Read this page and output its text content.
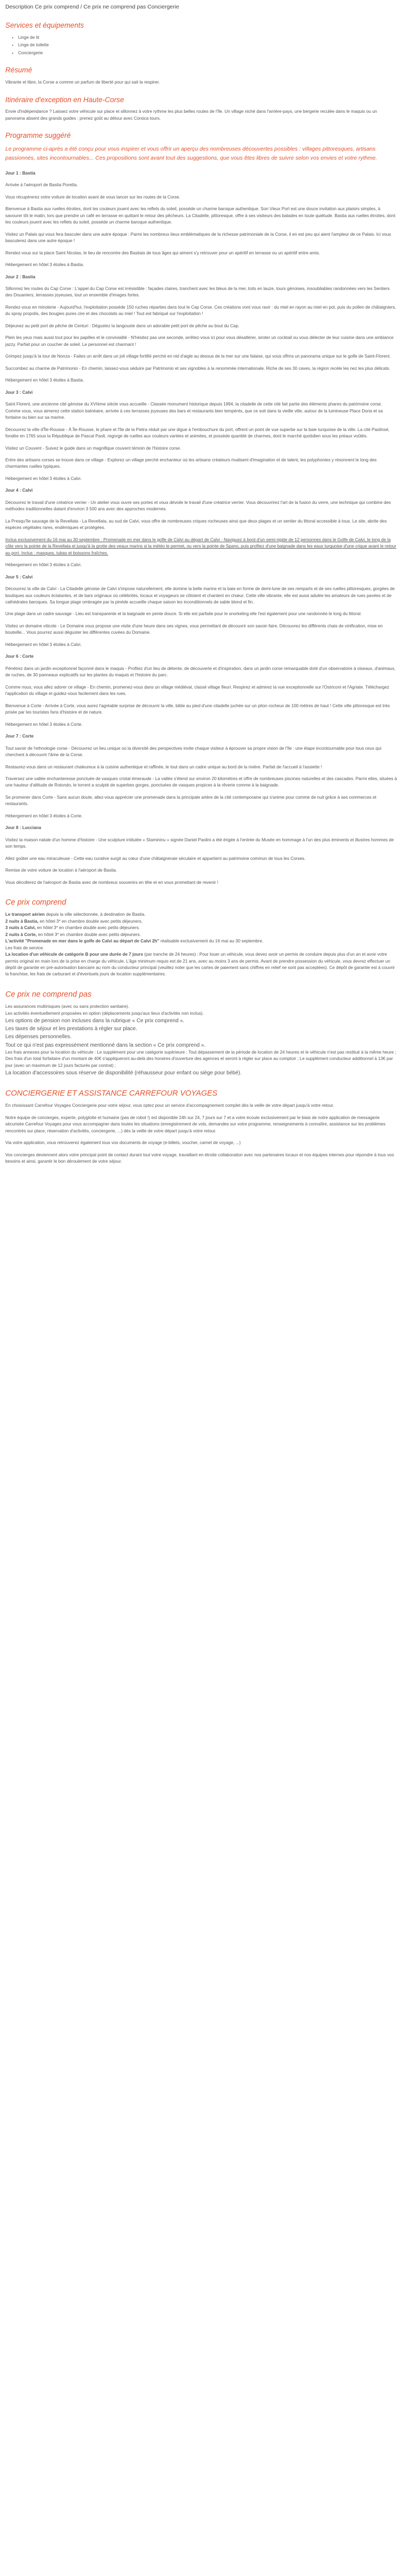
Description Ce prix comprend / Ce prix ne comprend pas Conciergerie

Services et équipements
• Linge de lit
• Linge de toilette
• Conciergerie
Résumé

Vibrante et libre, la Corse a comme un parfum de liberté pour qui sait la respirer.

Itinéraire d'exception en Haute-Corse

Envie d'indépendance ? Laissez votre véhicule sur place et sillonnez à votre rythme les plus belles routes de l'île. Un village niché dans l'arrière-pays, une bergerie reculée dans le maquis ou un panorama absent des grands guides : prenez goût au détour avec Corsica tours.

Programme suggéré

Le programme ci-après a été conçu pour vous inspirer et vous offrir un aperçu des nombreuses découvertes possibles : villages pittoresques, artisans passionnés, sites incontournables... Ces propositions sont avant tout des suggestions, que vous êtes libres de suivre selon vos envies et votre rythme.

Jour 1 : Bastia

Arrivée à l'aéroport de Bastia Poretta.

Vous récupérerez votre voiture de location avant de vous lancer sur les routes de la Corse.

Bienvenue à Bastia aux ruelles étroites, dont les couleurs jouent avec les reflets du soleil, posséde un charme baroque authentique. Son Vieux Port est une douce invitation aux plaisirs simples, à savourer tôt le matin, lors que prendre un café en terrasse en quittant le retour des pêcheurs. La Citadelle, pittoresque, offre à ses visiteurs des balades en toute quiétude. Bastia aux ruelles étroites, dont les couleurs jouent avec les reflets du soleil, posséde un charme baroque authentique.

Visitez un Palais qui vous fera basculer dans une autre époque : Parmi les nombreux lieux emblématiques de la richesse patrimoniale de la Corse, il en est peu qui aient l'ampleur de ce Palais. Ici vous basculerez dans une autre époque !

Rendez-vous sur la place Saint Nicolas, le lieu de rencontre des Bastiais de tous âges qui aiment s'y retrouver pour un apéritif en terrasse ou un apéritif entre amis.

Hébergement en hôtel 3 étoiles à Bastia.

Jour 2 : Bastia

Sillonnez les routes du Cap Corse : L'appel du Cap Corse est irrésistible : façades claires, tranchent avec les bleus de la mer, toits en lauze, tours génoises, insoubliables randonnées vers les Sentiers des Douaniers, terrasses joyeuses, tout un ensemble d'images fortes.

Rendez-vous en minoterie - Aujourd'hui, l'exploitation possède 150 ruches réparties dans tout le Cap Corse. Ces créations vont vous ravir : du miel en rayon au miel en pot, puis du pollen de châtaigniers, du spray propolis, des bougies pures cire et des chocolats au miel ! Tout est fabriqué sur l'exploitation !

Déjeunez au petit port de pêche de Centuri : Dégustez la langouste dans un adorable petit port de pêche au bout du Cap.

Plein les yeux mais aussi tout pour les papilles et le convivialité - N'hésitez pas une seconde, arrêtez-vous ici pour vous désaltérer, siroter un cocktail ou vous délecter de leur cuisine dans une ambiance jazzy. Parfait pour un coucher de soleil. Le personnel est charmant !

Grimpez jusqu'à la tour de Nonza - Faites un arrêt dans un joli village fortifié perché en nid d'aigle au dessus de la mer sur une falaise, qui vous offrira un panorama unique sur le golfe de Saint-Florent.

Succombez au charme de Patrimonio - En chemin, laissez-vous séduire par Patrimonio et ses vignobles à la renommée internationale. Riche de ses 30 caves, la région recèle les nez les plus délicats.

Hébergement en hôtel 3 étoiles à Bastia.

Jour 3 : Calvi

Saint Florent, une ancienne cité génoise du XVIème siècle vous accueille - Classée monument historique depuis 1994, la citadelle de cette cité fait partie des éléments phares du patrimoine corse. Comme vous, vous aimerez cette station balnéaire, arrivée à ces terrasses joyeuses des bars et restaurants bien tempérés, que ce soit dans la vieille ville, autour de la lumineuse Place Doria et sa fontaine ou bien sur sa marine.

Découvrez la ville d'Île-Rousse - À Île-Rousse, le phare et l'île de la Pietra réduit par une digue à l'embouchure du port, offrent un point de vue superbe sur la baie turquoise de la ville. La cité Paolinsé, fondée en 1765 sous la République de Pascal Paoli, regorge de ruelles aux couleurs variées et animées, et possède quantité de charmes, dont le marché quotidien sous les préaux voûtés.

Visitez un Couvent - Suivez le guide dans un magnifique couvent témoin de l'histoire corse.

Entre des artisans corses se trouve dans ce village - Explorez un village perché enchanteur où les artisans créateurs rivalisent d'imagination et de talent, les polyphonies y résonnent le long des charmantes ruelles typiques.

Hébergement en hôtel 3 étoiles à Calvi.

Jour 4 : Calvi

Découvrez le travail d'une créatrice verrier - Un atelier vous ouvre ses portes et vous dévoile le travail d'une créatrice verrier. Vous découvrirez l'art de la fusion du verre, une technique qui combine des méthodes traditionnelles datant d'environ 3 500 ans avec des approches modernes.

La Presqu'île sauvage de la Revellata - La Revellata, au sud de Calvi, vous offre de nombreuses criques rocheuses ainsi que deux plages et un sentier du littoral accessible à tous. Le site, abrite des espèces végétales rares, endémiques et protégées.

Inclus exclusivement du 16 mai au 30 septembre : Promenade en mer dans le golfe de Calvi au départ de Calvi - Naviguez à bord d'un semi-rigide de 12 personnes dans le Golfe de Calvi, le long de la côte vers la pointe de la Revellata et jusqu'à la grotte des veaux marins si la météo le permet, ou vers la pointe de Spano, puis profitez d'une baignade dans les eaux turquoise d'une crique avant le retour au port. Inclus : masques, tubas et boissons fraîches.

Hébergement en hôtel 3 étoiles à Calvi.

Jour 5 : Calvi

Découvrez la ville de Calvi - La Citadelle génoise de Calvi s'impose naturellement, elle domine la belle marine et la baie en forme de demi-lune de ses remparts et de ses ruelles pittoresques, gorgées de boutiques aux couleurs éclatantes, et de bars originaux où célébrités, locaux et voyageurs se côtoient et chantent en chœur. Cette ville vibrante, elle est aussi adulée les amateurs de rues pavées et de cathédrales baroques. Sa longue plage ombragée par la pinède accueille chaque saison les inconditionnels de sable blond et fin.

Une plage dans un cadre sauvage - Lieu est transparente et la baignade en pente douce. Si elle est parfaite pour le snorkeling elle l'est également pour une randonnée le long du littoral.

Visitez un domaine viticole - Le Domaine vous propose une visite d'une heure dans ses vignes, vous permettant de découvrir son savoir-faire. Découvrez les différents chais de vinification, mise en bouteille... Vous pourrez aussi déguster les différentes cuvées du Domaine.

Hébergement en hôtel 3 étoiles à Calvi.

Jour 6 : Corte

Pénétrez dans un jardin exceptionnel façonné dans le maquis - Profitez d'un lieu de détente, de découverte et d'inspiration, dans un jardin corse remarquable doté d'un observatoire à oiseaux, d'animaux, de ruches, de 30 panneaux explicatifs sur les plantes du maquis et l'histoire du parc.

Comme nous, vous allez adorer ce village - En chemin, promenez-vous dans un village médiéval, classé village fleuri. Respirez et admirez la vue exceptionnelle sur l'Ostriconi et l'Agriate. Téléchargez l'application du village et guidez-vous facilement dans les rues.

Bienvenue à Corte - Arrivée à Corte, vous aurez l'agréable surprise de découvrir la ville, bâtie au pied d'une citadelle juchée sur un piton rocheux de 100 mètres de haut ! Cette ville pittoresque est très prisée par les touristes fans d'histoire et de nature.

Hébergement en hôtel 3 étoiles à Corte.

Jour 7 : Corte

Tout savoir de l'ethnologie corse - Découvrez un lieu unique où la diversité des perspectives invite chaque visiteur à éprouver sa propre vision de l'île : une étape incontournable pour tous ceux qui cherchent à découvrir l'âme de la Corse.

Restaurez-vous dans un restaurant chaleureux à la cuisine authentique et raffinée, le tout dans un cadre unique au bord de la rivière. Parfait de l'accueil à l'assiette !

Traversez une vallée enchanteresse ponctuée de vasques cristal émeraude - La vallée s'étend sur environ 20 kilomètres et offre de nombreuses piscines naturelles et des cascades. Parmi elles, situées à une hauteur d'altitude de Rotondo, le torrent a sculpté de superbes gorges, ponctuées de vasques propices à la rêverie comme à la baignade.

Se promener dans Corte - Sans aucun doute, allez-vous apprécier une promenade dans la principale artère de la cité contemporaine qui s'anime pour comme de nuit grâce à ses commerces et restaurants.

Hébergement en hôtel 3 étoiles à Corte.

Jour 8 : Lucciana

Visitez la maison natale d'un homme d'histoire - Une sculpture intitulée « Stamininu » signée Daniel Paolini a été érigée à l'entrée du Musée en hommage à l'un des plus éminents et illustres hommes de son temps.

Allez goûter une eau miraculeuse - Cette eau curative surgit au cœur d'une châtaigneraie séculaire et appartient au patrimoine commun de tous les Corses.

Remise de votre voiture de location à l'aéroport de Bastia.

Vous décollerez de l'aéroport de Bastia avec de nombreux souvenirs en tête et en vous promettant de revenir !

Ce prix comprend
Le transport aérien depuis la ville sélectionnée, à destination de Bastia.
2 nuits à Bastia, en hôtel 3* en chambre double avec petits déjeuners.
3 nuits à Calvi, en hôtel 3* en chambre double avec petits déjeuners.
2 nuits à Corte, en hôtel 3* en chambre double avec petits déjeuners.
L'activité "Promenade en mer dans le golfe de Calvi au départ de Calvi 2h" réalisable exclusivement du 16 mai au 30 septembre.
Les frais de service.
La location d'un véhicule de catégorie B pour une durée de 7 jours (par tranche de 24 heures) : Pour louer un véhicule, vous devez avoir un permis de conduire depuis plus d'un an et avoir votre permis original en main lors de la prise en charge du véhicule. L'âge minimum requis est de 21 ans, avec au moins 3 ans de permis. Avant de prendre possession du véhicule, vous devrez effectuer un dépôt de garantie en pré-autorisation bancaire au nom du conducteur principal (veuillez noter que les cartes de paiement sans chiffres en relief ne sont pas acceptées). Ce dépôt de garantie est à couvrir la franchise, les frais de carburant et d'éventuels jours de location supplémentaires.
Ce prix ne comprend pas
Les assurances multirisques (avec ou sans protection sanitaire).
Les activités éventuellement proposées en option (déplacements jusqu'aux lieux d'activités non inclus).
Les options de pension non incluses dans la rubrique « Ce prix comprend ».
Les taxes de séjour et les prestations à régler sur place.
Les dépenses personnelles.
Tout ce qui n'est pas expressément mentionné dans la section « Ce prix comprend ».
Les frais annexes pour la location du véhicule : Le supplément pour une catégorie supérieure ; Tout dépassement de la période de location de 24 heures et le véhicule n'est pas restitué à la même heure ; Des frais d'un total forfaitaire d'un montant de 40€ s'appliqueront au-delà des horaires d'ouverture des agences et seront à régler sur place au comptoir ; Le supplément conducteur additionnel à 13€ par jour (avec un maximum de 12 jours facturés par contrat) ;
La location d'accessoires sous réserve de disponibilité (réhausseur pour enfant ou siège pour bébé).
CONCIERGERIE ET ASSISTANCE CARREFOUR VOYAGES

En choisissant Carrefour Voyages Conciergerie pour votre séjour, vous optez pour un service d'accompagnement complet dès la veille de votre départ jusqu'à votre retour.

Notre équipe de concierges, experte, polyglotte et humaine (pas de robot !) est disponible 24h sur 24, 7 jours sur 7 et a votre écoute exclusivement par le biais de notre application de messagerie sécurisée Carrefour Voyages pour vous accompagner dans toutes les situations (enregistrement de vols, demandes sur votre programme, renseignements à connaître, assistance sur les problèmes rencontrés sur place, réservation d'activités, conciergerie, ...) dès la veille de votre départ jusqu'à votre retour.

Via votre application, vous retrouverez également tous vos documents de voyage (e-billets, voucher, carnet de voyage, ...)

Vos concierges deviennent alors votre principal point de contact durant tout votre voyage, travaillant en étroite collaboration avec nos partenaires locaux et nos équipes internes pour répondre à tous vos besoins et ainsi, garantir le bon déroulement de votre séjour.
